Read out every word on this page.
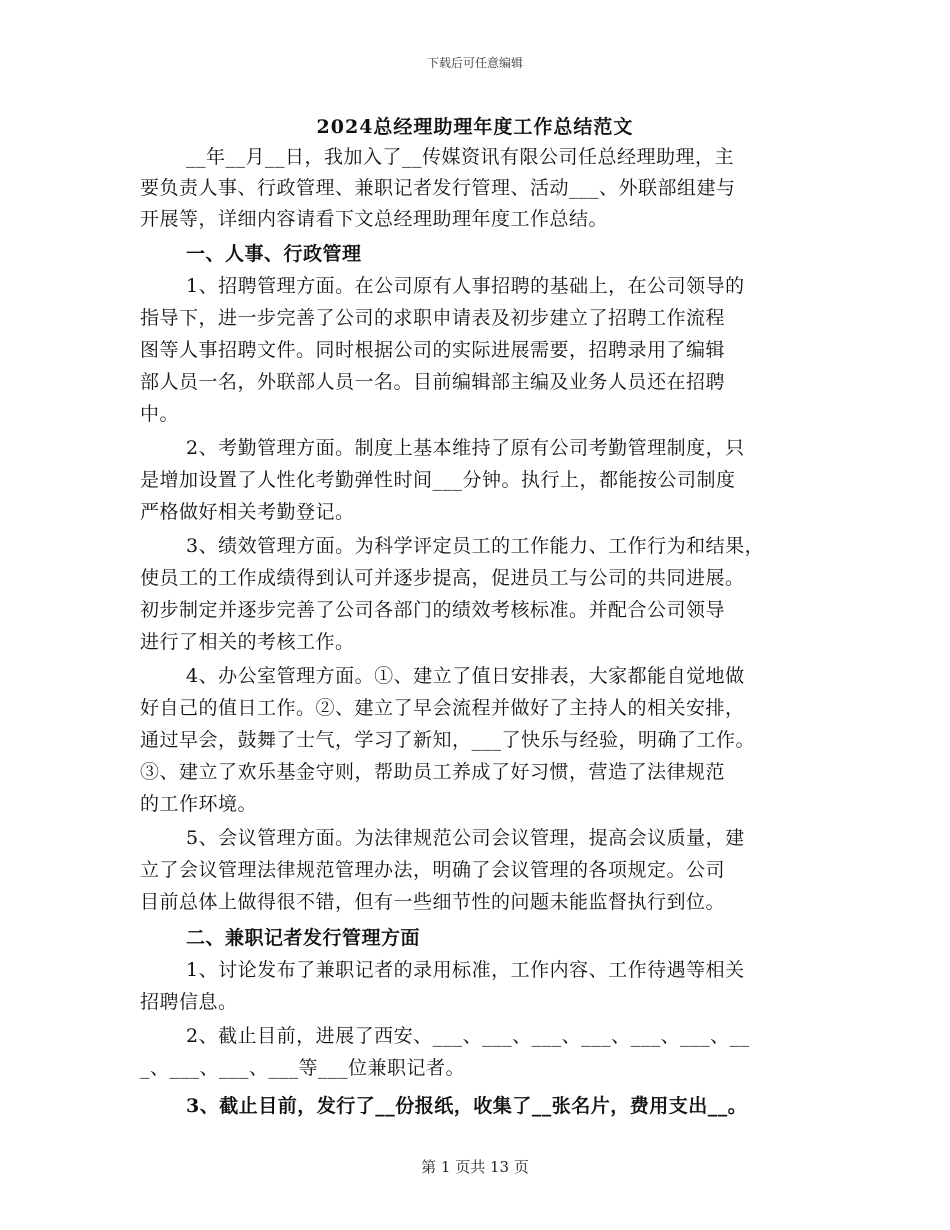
下载后可任意编辑
2024总经理助理年度工作总结范文
__年__月__日，我加入了__传媒资讯有限公司任总经理助理，主
要负责人事、行政管理、兼职记者发行管理、活动___、外联部组建与
开展等，详细内容请看下文总经理助理年度工作总结。
一、人事、行政管理
1、招聘管理方面。在公司原有人事招聘的基础上，在公司领导的
指导下，进一步完善了公司的求职申请表及初步建立了招聘工作流程
图等人事招聘文件。同时根据公司的实际进展需要，招聘录用了编辑
部人员一名，外联部人员一名。目前编辑部主编及业务人员还在招聘
中。
2、考勤管理方面。制度上基本维持了原有公司考勤管理制度，只
是增加设置了人性化考勤弹性时间___分钟。执行上，都能按公司制度
严格做好相关考勤登记。
3、绩效管理方面。为科学评定员工的工作能力、工作行为和结果，
使员工的工作成绩得到认可并逐步提高，促进员工与公司的共同进展。
初步制定并逐步完善了公司各部门的绩效考核标准。并配合公司领导
进行了相关的考核工作。
4、办公室管理方面。①、建立了值日安排表，大家都能自觉地做
好自己的值日工作。②、建立了早会流程并做好了主持人的相关安排，
通过早会，鼓舞了士气，学习了新知，___了快乐与经验，明确了工作。
③、建立了欢乐基金守则，帮助员工养成了好习惯，营造了法律规范
的工作环境。
5、会议管理方面。为法律规范公司会议管理，提高会议质量，建
立了会议管理法律规范管理办法，明确了会议管理的各项规定。公司
目前总体上做得很不错，但有一些细节性的问题未能监督执行到位。
二、兼职记者发行管理方面
1、讨论发布了兼职记者的录用标准，工作内容、工作待遇等相关
招聘信息。
2、截止目前，进展了西安、___、___、___、___、___、___、__
_、___、___、___等___位兼职记者。
3、截止目前，发行了__份报纸，收集了__张名片，费用支出__。
第 1 页共 13 页
